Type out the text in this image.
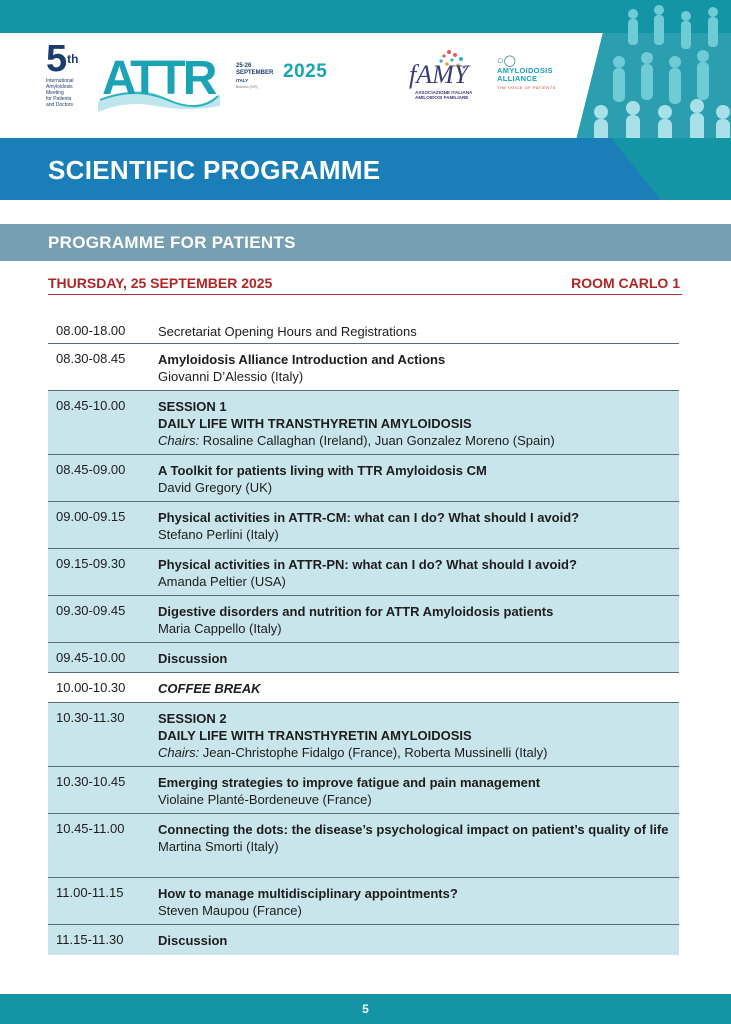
5th
International
Amyloidosis
Meeting
for Patients
and Doctors ATTR	25-26
SEPTEMBER
ITALY
Bolzano (IVR)
2025	fAMY
ASSOCIAZIONE ITALIANA
AMILOIDOSI FAMILIARE
○◯
AMYLOIDOSIS
ALLIANCE
THE VOICE OF PATIENTS
SCIENTIFIC PROGRAMME
PROGRAMME FOR PATIENTS
THURSDAY, 25 SEPTEMBER 2025	ROOM CARLO 1
08.00-18.00	Secretariat Opening Hours and Registrations
08.30-08.45	Amyloidosis Alliance Introduction and Actions
Giovanni D’Alessio (Italy)
08.45-10.00	SESSION 1
DAILY LIFE WITH TRANSTHYRETIN AMYLOIDOSIS
Chairs: Rosaline Callaghan (Ireland), Juan Gonzalez Moreno (Spain)
08.45-09.00	A Toolkit for patients living with TTR Amyloidosis CM
David Gregory (UK)
09.00-09.15	Physical activities in ATTR-CM: what can I do? What should I avoid?
Stefano Perlini (Italy)
09.15-09.30	Physical activities in ATTR-PN: what can I do? What should I avoid?
Amanda Peltier (USA)
09.30-09.45	Digestive disorders and nutrition for ATTR Amyloidosis patients
Maria Cappello (Italy)
09.45-10.00	Discussion
10.00-10.30	COFFEE BREAK
10.30-11.30	SESSION 2
DAILY LIFE WITH TRANSTHYRETIN AMYLOIDOSIS
Chairs: Jean-Christophe Fidalgo (France), Roberta Mussinelli (Italy)
10.30-10.45	Emerging strategies to improve fatigue and pain management
Violaine Planté-Bordeneuve (France)
10.45-11.00	Connecting the dots: the disease’s psychological impact on patient’s quality of life
Martina Smorti (Italy)
11.00-11.15	How to manage multidisciplinary appointments?
Steven Maupou (France)
11.15-11.30	Discussion
5
